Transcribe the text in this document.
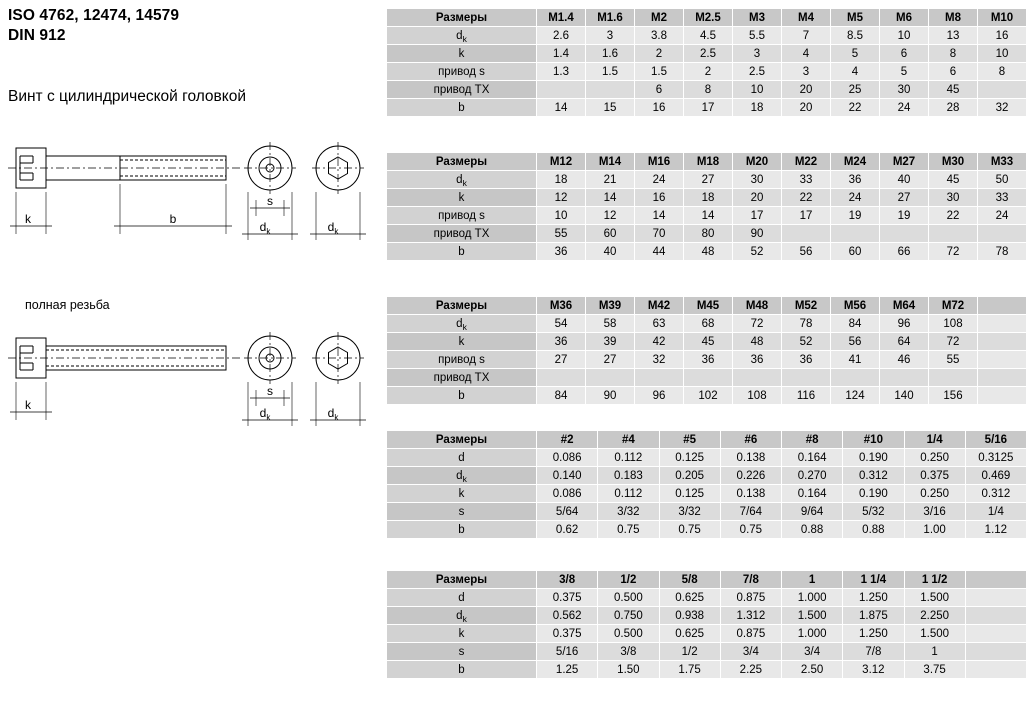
ISO 4762, 12474, 14579
DIN 912
Винт с цилиндрической головкой
полная резьба
k	b
s
$d_k$	$d_k$
k
s
$d_k$	$d_k$
Размеры	M1.4	M1.6	M2	M2.5	M3	M4	M5	M6	M8	M10
$d_k$	2.6	3	3.8	4.5	5.5	7	8.5	10	13	16
k	1.4	1.6	2	2.5	3	4	5	6	8	10
привод s	1.3	1.5	1.5	2	2.5	3	4	5	6	8
привод TX			6	8	10	20	25	30	45	
b	14	15	16	17	18	20	22	24	28	32
Размеры	M12	M14	M16	M18	M20	M22	M24	M27	M30	M33
$d_k$	18	21	24	27	30	33	36	40	45	50
k	12	14	16	18	20	22	24	27	30	33
привод s	10	12	14	14	17	17	19	19	22	24
привод TX	55	60	70	80	90					
b	36	40	44	48	52	56	60	66	72	78
Размеры	M36	M39	M42	M45	M48	M52	M56	M64	M72	
$d_k$	54	58	63	68	72	78	84	96	108	
k	36	39	42	45	48	52	56	64	72	
привод s	27	27	32	36	36	36	41	46	55	
привод TX										
b	84	90	96	102	108	116	124	140	156	
Размеры	#2	#4	#5	#6	#8	#10	1/4	5/16
d	0.086	0.112	0.125	0.138	0.164	0.190	0.250	0.3125
$d_k$	0.140	0.183	0.205	0.226	0.270	0.312	0.375	0.469
k	0.086	0.112	0.125	0.138	0.164	0.190	0.250	0.312
s	5/64	3/32	3/32	7/64	9/64	5/32	3/16	1/4
b	0.62	0.75	0.75	0.75	0.88	0.88	1.00	1.12
Размеры	3/8	1/2	5/8	7/8	1	1 1/4	1 1/2	
d	0.375	0.500	0.625	0.875	1.000	1.250	1.500	
$d_k$	0.562	0.750	0.938	1.312	1.500	1.875	2.250	
k	0.375	0.500	0.625	0.875	1.000	1.250	1.500	
s	5/16	3/8	1/2	3/4	3/4	7/8	1	
b	1.25	1.50	1.75	2.25	2.50	3.12	3.75	
